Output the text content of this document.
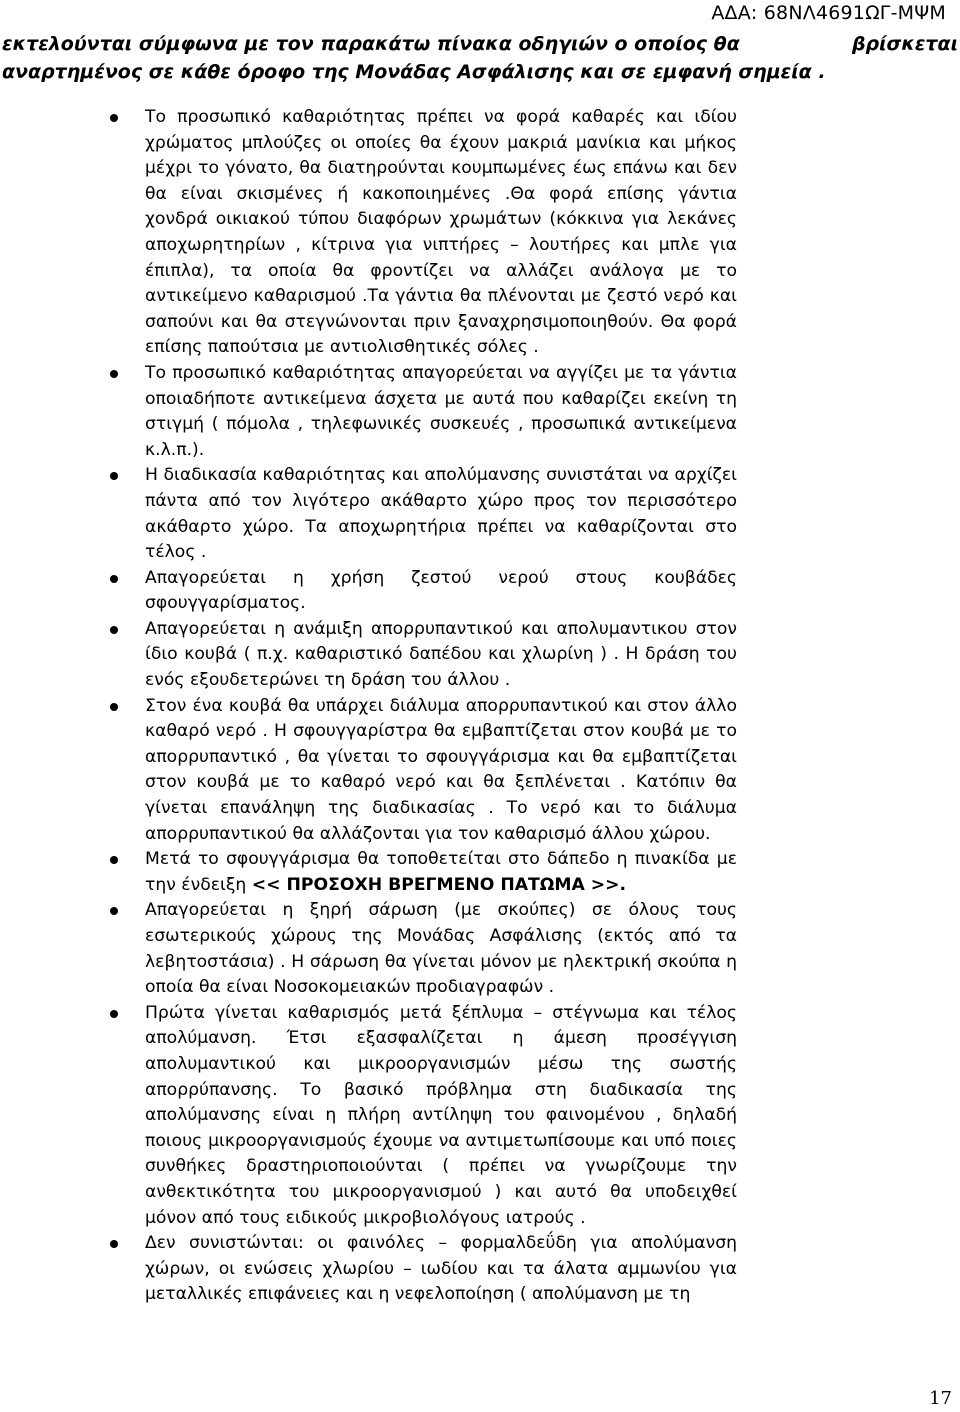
ΑΔΑ: 68ΝΛ4691ΩΓ-ΜΨΜ
εκτελούνται σύμφωνα με τον παρακάτω πίνακα οδηγιών ο οποίος θα	βρίσκεται
αναρτημένος σε κάθε όροφο της Μονάδας Ασφάλισης και σε εμφανή σημεία .
Το προσωπικό καθαριότητας πρέπει να φορά καθαρές και ιδίου χρώματος μπλούζες οι οποίες θα έχουν μακριά μανίκια και μήκος μέχρι το γόνατο, θα διατηρούνται κουμπωμένες έως επάνω και δεν θα είναι σκισμένες ή κακοποιημένες .Θα φορά επίσης γάντια χονδρά οικιακού τύπου διαφόρων χρωμάτων (κόκκινα για λεκάνες αποχωρητηρίων , κίτρινα για νιπτήρες – λουτήρες και μπλε για έπιπλα), τα οποία θα φροντίζει να αλλάζει ανάλογα με το αντικείμενο καθαρισμού .Τα γάντια θα πλένονται με ζεστό νερό και σαπούνι και θα στεγνώνονται πριν ξαναχρησιμοποιηθούν. Θα φορά επίσης παπούτσια με αντιολισθητικές σόλες .
Το προσωπικό καθαριότητας απαγορεύεται να αγγίζει με τα γάντια οποιαδήποτε αντικείμενα άσχετα με αυτά που καθαρίζει εκείνη τη στιγμή ( πόμολα , τηλεφωνικές συσκευές , προσωπικά αντικείμενα κ.λ.π.).
Η διαδικασία καθαριότητας και απολύμανσης συνιστάται να αρχίζει πάντα από τον λιγότερο ακάθαρτο χώρο προς τον περισσότερο ακάθαρτο χώρο. Τα αποχωρητήρια πρέπει να καθαρίζονται στο τέλος .
Απαγορεύεται η χρήση ζεστού νερού στους κουβάδες σφουγγαρίσματος.
Απαγορεύεται η ανάμιξη απορρυπαντικού και απολυμαντικου στον ίδιο κουβά ( π.χ. καθαριστικό δαπέδου και χλωρίνη ) . Η δράση του ενός εξουδετερώνει τη δράση του άλλου .
Στον ένα κουβά θα υπάρχει διάλυμα απορρυπαντικού και στον άλλο καθαρό νερό . Η σφουγγαρίστρα θα εμβαπτίζεται στον κουβά με το απορρυπαντικό , θα γίνεται το σφουγγάρισμα και θα εμβαπτίζεται στον κουβά με το καθαρό νερό και θα ξεπλένεται . Κατόπιν θα γίνεται επανάληψη της διαδικασίας . Το νερό και το διάλυμα απορρυπαντικού θα αλλάζονται για τον καθαρισμό άλλου χώρου.
Μετά το σφουγγάρισμα θα τοποθετείται στο δάπεδο η πινακίδα με την ένδειξη << ΠΡΟΣΟΧΗ ΒΡΕΓΜΕΝΟ ΠΑΤΩΜΑ >>.
Απαγορεύεται η ξηρή σάρωση (με σκούπες) σε όλους τους εσωτερικούς χώρους της Μονάδας Ασφάλισης (εκτός από τα λεβητοστάσια) . Η σάρωση θα γίνεται μόνον με ηλεκτρική σκούπα η οποία θα είναι Νοσοκομειακών προδιαγραφών .
Πρώτα γίνεται καθαρισμός μετά ξέπλυμα – στέγνωμα και τέλος απολύμανση. Έτσι εξασφαλίζεται η άμεση προσέγγιση απολυμαντικού και μικροοργανισμών μέσω της σωστής απορρύπανσης. Το βασικό πρόβλημα στη διαδικασία της απολύμανσης είναι η πλήρη αντίληψη του φαινομένου , δηλαδή ποιους μικροοργανισμούς έχουμε να αντιμετωπίσουμε και υπό ποιες συνθήκες δραστηριοποιούνται ( πρέπει να γνωρίζουμε την ανθεκτικότητα του μικροοργανισμού ) και αυτό θα υποδειχθεί μόνον από τους ειδικούς μικροβιολόγους ιατρούς .
Δεν συνιστώνται: οι φαινόλες – φορμαλδεΰδη για απολύμανση χώρων, οι ενώσεις χλωρίου – ιωδίου και τα άλατα αμμωνίου για μεταλλικές επιφάνειες και η νεφελοποίηση ( απολύμανση με τη
17
